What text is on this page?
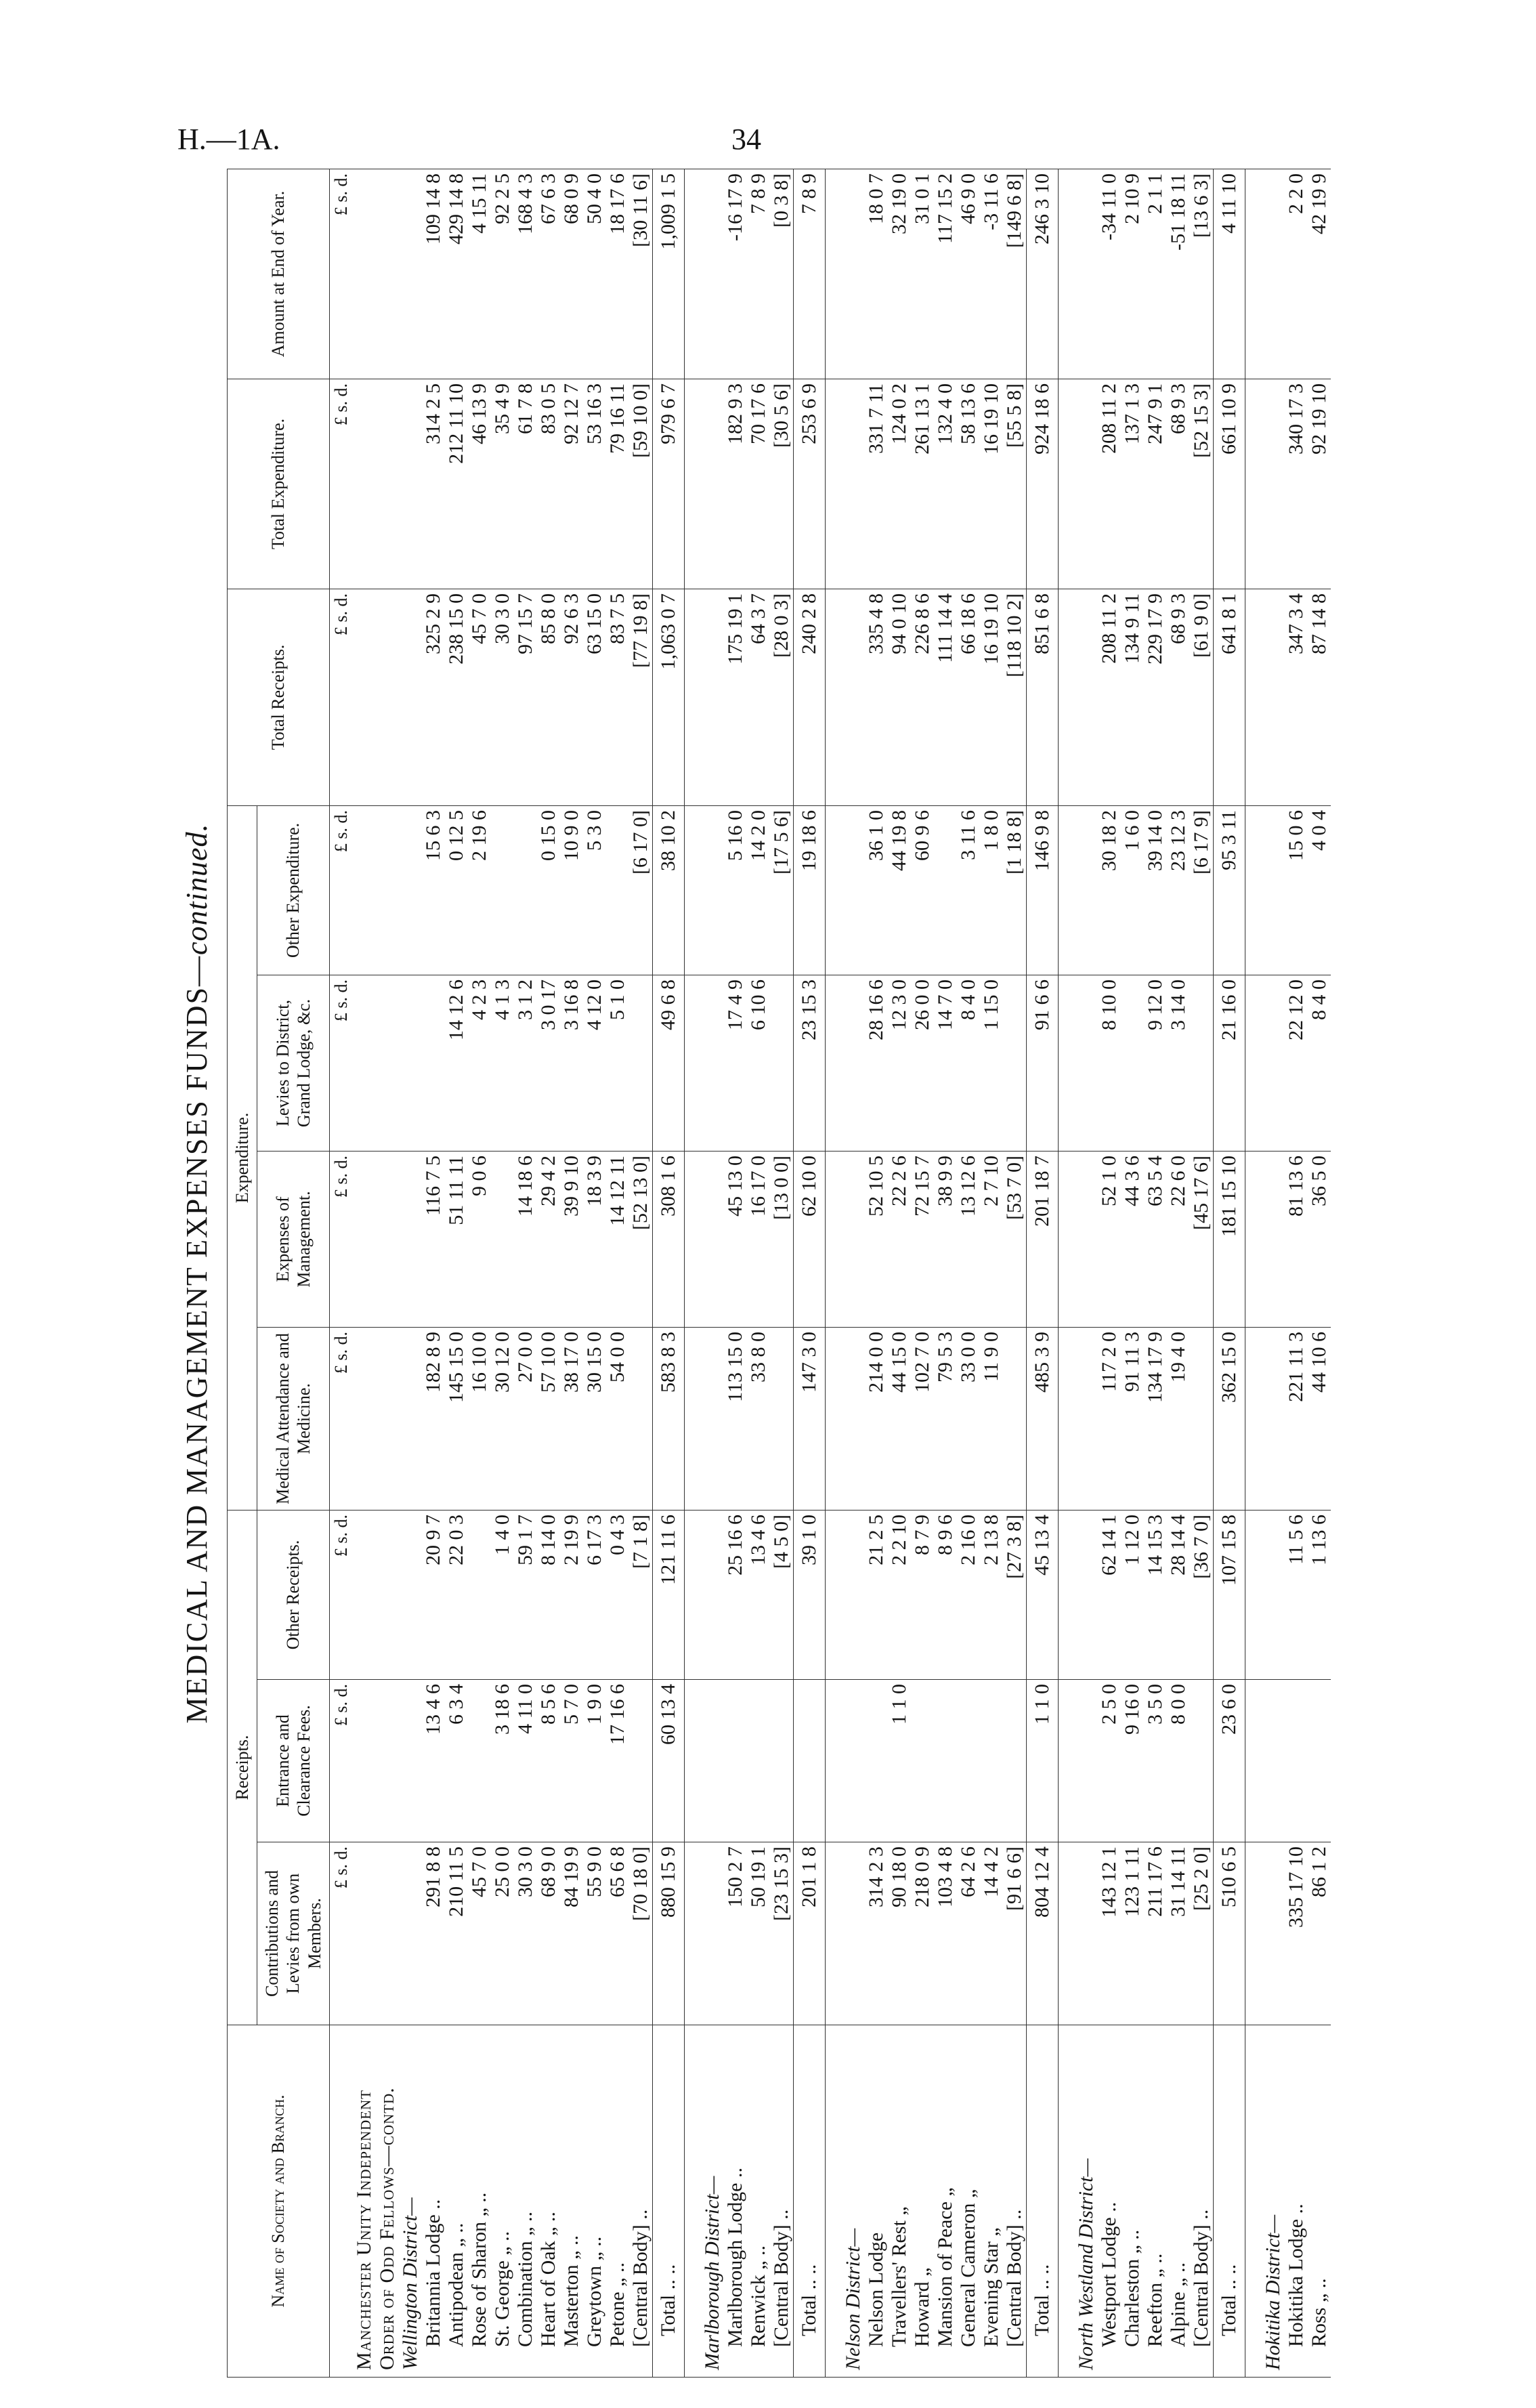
H.—1A.	34
MEDICAL AND MANAGEMENT EXPENSES FUNDS—continued.
Name of Society and Branch.	Receipts.			Expenditure.				Total Receipts.	Total Expenditure.	Amount at End of Year.
	Contributions and Levies from own Members.	Entrance and Clearance Fees.	Other Receipts.	Medical Attendance and Medicine.	Expenses of Management.	Levies to District, Grand Lodge, &c.	Other Expenditure.			
	£ s. d.	£ s. d.	£ s. d.	£ s. d.	£ s. d.	£ s. d.	£ s. d.	£ s. d.	£ s. d.	£ s. d.
Manchester Unity Independent										
Order of Odd Fellows—contd.										
Wellington District—										
Britannia Lodge ..	291 8 8	13 4 6	20 9 7	182 8 9	116 7 5		15 6 3	325 2 9	314 2 5	109 14 8
Antipodean „ ..	210 11 5	6 3 4	22 0 3	145 15 0	51 11 11	14 12 6	0 12 5	238 15 0	212 11 10	429 14 8
Rose of Sharon „ ..	45 7 0			16 10 0	9 0 6	4 2 3	2 19 6	45 7 0	46 13 9	4 15 11
St. George „ ..	25 0 0	3 18 6	1 4 0	30 12 0		4 1 3		30 3 0	35 4 9	92 2 5
Combination „ ..	30 3 0	4 11 0	59 1 7	27 0 0	14 18 6	3 1 2		97 15 7	61 7 8	168 4 3
Heart of Oak „ ..	68 9 0	8 5 6	8 14 0	57 10 0	29 4 2	3 0 17	0 15 0	85 8 0	83 0 5	67 6 3
Masterton „ ..	84 19 9	5 7 0	2 19 9	38 17 0	39 9 10	3 16 8	10 9 0	92 6 3	92 12 7	68 0 9
Greytown „ ..	55 9 0	1 9 0	6 17 3	30 15 0	18 3 9	4 12 0	5 3 0	63 15 0	53 16 3	50 4 0
Petone „ ..	65 6 8	17 16 6	0 4 3	54 0 0	14 12 11	5 1 0		83 7 5	79 16 11	18 17 6
[Central Body] ..	[70 18 0]		[7 1 8]		[52 13 0]		[6 17 0]	[77 19 8]	[59 10 0]	[30 11 6]
Total .. ..	880 15 9	60 13 4	121 11 6	583 8 3	308 1 6	49 6 8	38 10 2	1,063 0 7	979 6 7	1,009 1 5

Marlborough District—										
Marlborough Lodge ..	150 2 7		25 16 6	113 15 0	45 13 0	17 4 9	5 16 0	175 19 1	182 9 3	-16 17 9
Renwick „ ..	50 19 1		13 4 6	33 8 0	16 17 0	6 10 6	14 2 0	64 3 7	70 17 6	7 8 9
[Central Body] ..	[23 15 3]		[4 5 0]		[13 0 0]		[17 5 6]	[28 0 3]	[30 5 6]	[0 3 8]
Total .. ..	201 1 8		39 1 0	147 3 0	62 10 0	23 15 3	19 18 6	240 2 8	253 6 9	7 8 9

Nelson District—										
Nelson Lodge	314 2 3		21 2 5	214 0 0	52 10 5	28 16 6	36 1 0	335 4 8	331 7 11	18 0 7
Travellers' Rest „	90 18 0	1 1 0	2 2 10	44 15 0	22 2 6	12 3 0	44 19 8	94 0 10	124 0 2	32 19 0
Howard „	218 0 9		8 7 9	102 7 0	72 15 7	26 0 0	60 9 6	226 8 6	261 13 1	31 0 1
Mansion of Peace „	103 4 8		8 9 6	79 5 3	38 9 9	14 7 0		111 14 4	132 4 0	117 15 2
General Cameron „	64 2 6		2 16 0	33 0 0	13 12 6	8 4 0	3 11 6	66 18 6	58 13 6	46 9 0
Evening Star „	14 4 2		2 13 8	11 9 0	2 7 10	1 15 0	1 8 0	16 19 10	16 19 10	-3 11 6
[Central Body] ..	[91 6 6]		[27 3 8]		[53 7 0]		[1 18 8]	[118 10 2]	[55 5 8]	[149 6 8]
Total .. ..	804 12 4	1 1 0	45 13 4	485 3 9	201 18 7	91 6 6	146 9 8	851 6 8	924 18 6	246 3 10

North Westland District—										
Westport Lodge ..	143 12 1	2 5 0	62 14 1	117 2 0	52 1 0	8 10 0	30 18 2	208 11 2	208 11 2	-34 11 0
Charleston „ ..	123 1 11	9 16 0	1 12 0	91 11 3	44 3 6		1 6 0	134 9 11	137 1 3	2 10 9
Reefton „ ..	211 17 6	3 5 0	14 15 3	134 17 9	63 5 4	9 12 0	39 14 0	229 17 9	247 9 1	2 1 1
Alpine „ ..	31 14 11	8 0 0	28 14 4	19 4 0	22 6 0	3 14 0	23 12 3	68 9 3	68 9 3	-51 18 11
[Central Body] ..	[25 2 0]		[36 7 0]		[45 17 6]		[6 17 9]	[61 9 0]	[52 15 3]	[13 6 3]
Total .. ..	510 6 5	23 6 0	107 15 8	362 15 0	181 15 10	21 16 0	95 3 11	641 8 1	661 10 9	4 11 10

Hokitika District—										
Hokitika Lodge ..	335 17 10		11 5 6	221 11 3	81 13 6	22 12 0	15 0 6	347 3 4	340 17 3	2 2 0
Ross „ ..	86 1 2		1 13 6	44 10 6	36 5 0	8 4 0	4 0 4	87 14 8	92 19 10	42 19 9
